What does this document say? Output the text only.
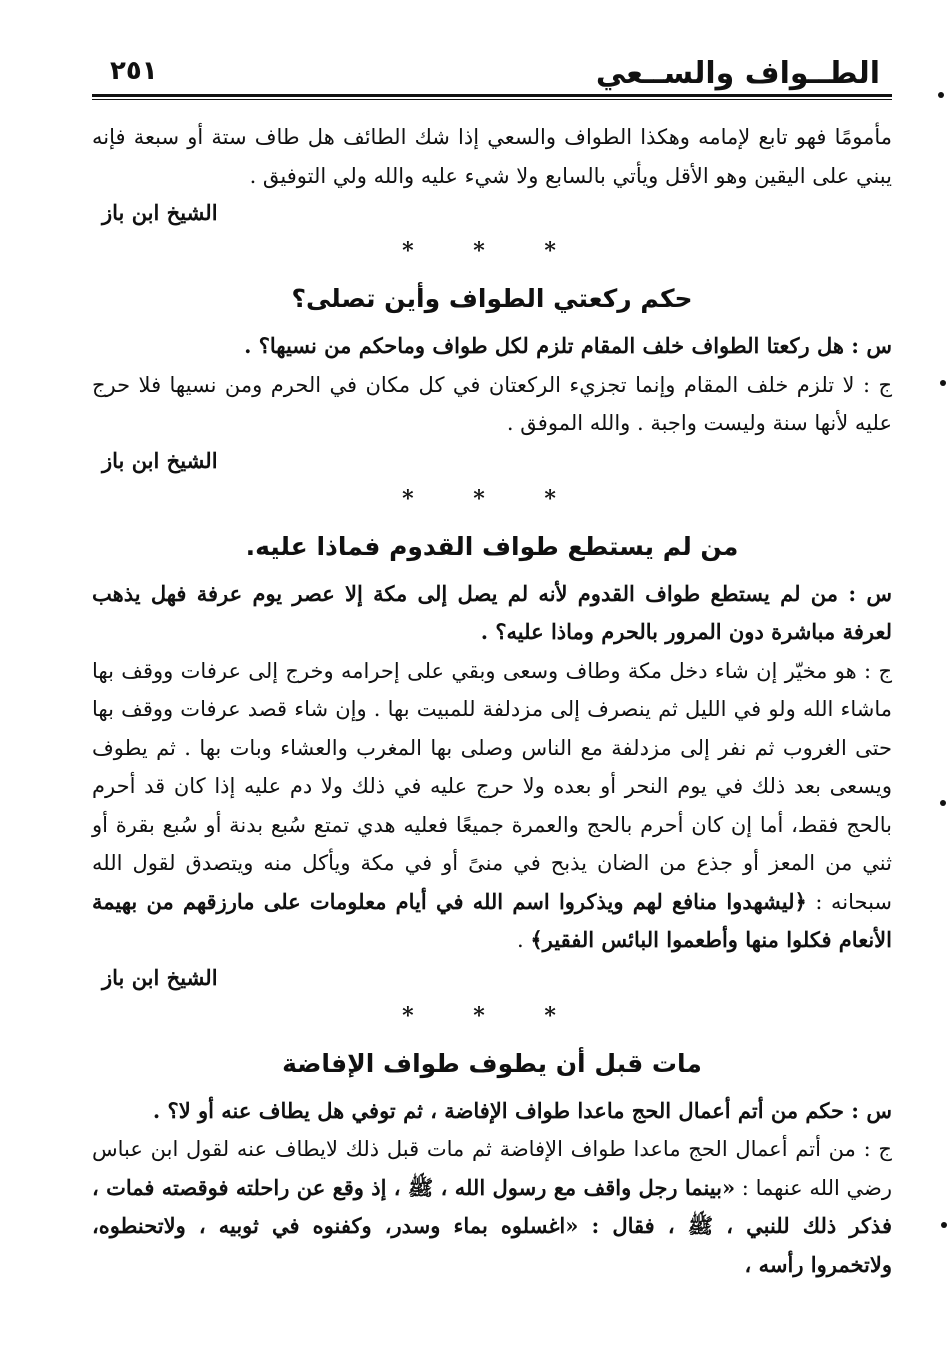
الطــواف والســعي
٢٥١

مأمومًا فهو تابع لإمامه وهكذا الطواف والسعي إذا شك الطائف هل طاف ستة أو سبعة فإنه يبني على اليقين وهو الأقل ويأتي بالسابع ولا شيء عليه والله ولي التوفيق .

الشيخ ابن باز

* * *
حكم ركعتي الطواف وأين تصلى؟

س : هل ركعتا الطواف خلف المقام تلزم لكل طواف وماحكم من نسيها؟ .

ج : لا تلزم خلف المقام وإنما تجزيء الركعتان في كل مكان في الحرم ومن نسيها فلا حرج عليه لأنها سنة وليست واجبة . والله الموفق .

الشيخ ابن باز

* * *
من لم يستطع طواف القدوم فماذا عليه.

س : من لم يستطع طواف القدوم لأنه لم يصل إلى مكة إلا عصر يوم عرفة فهل يذهب لعرفة مباشرة دون المرور بالحرم وماذا عليه؟ .

ج : هو مخيّر إن شاء دخل مكة وطاف وسعى وبقي على إحرامه وخرج إلى عرفات ووقف بها ماشاء الله ولو في الليل ثم ينصرف إلى مزدلفة للمبيت بها . وإن شاء قصد عرفات ووقف بها حتى الغروب ثم نفر إلى مزدلفة مع الناس وصلى بها المغرب والعشاء وبات بها . ثم يطوف ويسعى بعد ذلك في يوم النحر أو بعده ولا حرج عليه في ذلك ولا دم عليه إذا كان قد أحرم بالحج فقط، أما إن كان أحرم بالحج والعمرة جميعًا فعليه هدي تمتع سُبع بدنة أو سُبع بقرة أو ثني من المعز أو جذع من الضان يذبح في منىً أو في مكة ويأكل منه ويتصدق لقول الله سبحانه : ﴿ليشهدوا منافع لهم ويذكروا اسم الله في أيام معلومات على مارزقهم من بهيمة الأنعام فكلوا منها وأطعموا البائس الفقير﴾ .

الشيخ ابن باز

* * *
مات قبل أن يطوف طواف الإفاضة

س : حكم من أتم أعمال الحج ماعدا طواف الإفاضة ، ثم توفي هل يطاف عنه أو لا؟ .

ج : من أتم أعمال الحج ماعدا طواف الإفاضة ثم مات قبل ذلك لايطاف عنه لقول ابن عباس رضي الله عنهما : «بينما رجل واقف مع رسول الله ، ﷺ ، إذ وقع عن راحلته فوقصته فمات ، فذكر ذلك للنبي ، ﷺ ، فقال : «اغسلوه بماء وسدر، وكفنوه في ثوبيه ، ولاتحنطوه، ولاتخمروا رأسه ،
